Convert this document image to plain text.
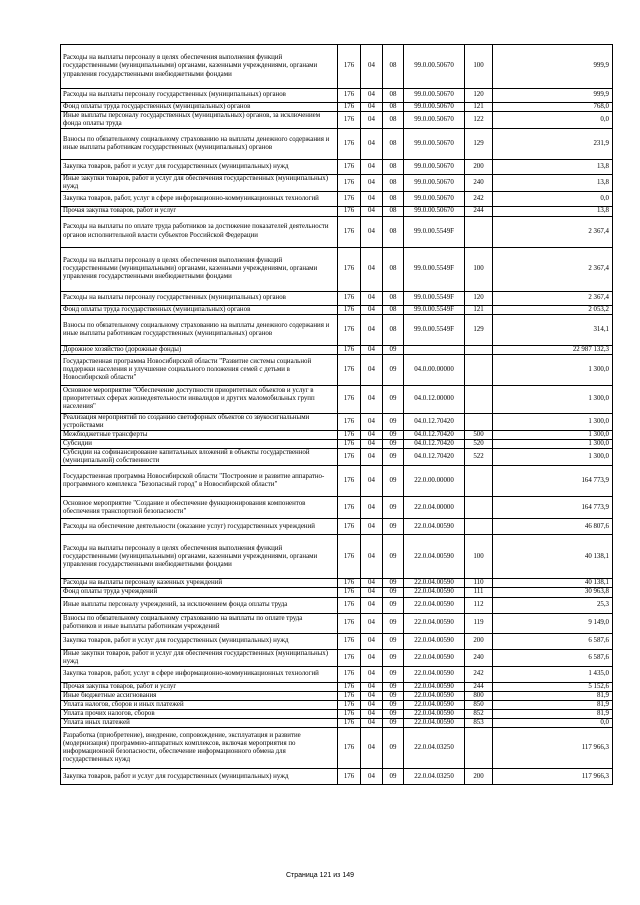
Расходы на выплаты персоналу в целях обеспечения выполнения функций государственными (муниципальными) органами, казенными учреждениями, органами управления государственными внебюджетными фондами	176	04	08	99.0.00.50670	100	999,9
Расходы на выплаты персоналу государственных (муниципальных) органов	176	04	08	99.0.00.50670	120	999,9
Фонд оплаты труда государственных (муниципальных) органов	176	04	08	99.0.00.50670	121	768,0
Иные выплаты персоналу государственных (муниципальных) органов, за исключением фонда оплаты труда	176	04	08	99.0.00.50670	122	0,0
Взносы по обязательному социальному страхованию на выплаты денежного содержания и иные выплаты работникам государственных (муниципальных) органов	176	04	08	99.0.00.50670	129	231,9
Закупка товаров, работ и услуг для государственных (муниципальных) нужд	176	04	08	99.0.00.50670	200	13,8
Иные закупки товаров, работ и услуг для обеспечения государственных (муниципальных) нужд	176	04	08	99.0.00.50670	240	13,8
Закупка товаров, работ, услуг в сфере информационно-коммуникационных технологий	176	04	08	99.0.00.50670	242	0,0
Прочая закупка товаров, работ и услуг	176	04	08	99.0.00.50670	244	13,8
Расходы на выплаты по оплате труда работников за достижение показателей деятельности органов исполнительной власти субъектов Российской Федерации	176	04	08	99.0.00.5549F		2 367,4
Расходы на выплаты персоналу в целях обеспечения выполнения функций государственными (муниципальными) органами, казенными учреждениями, органами управления государственными внебюджетными фондами	176	04	08	99.0.00.5549F	100	2 367,4
Расходы на выплаты персоналу государственных (муниципальных) органов	176	04	08	99.0.00.5549F	120	2 367,4
Фонд оплаты труда государственных (муниципальных) органов	176	04	08	99.0.00.5549F	121	2 053,2
Взносы по обязательному социальному страхованию на выплаты денежного содержания и иные выплаты работникам государственных (муниципальных) органов	176	04	08	99.0.00.5549F	129	314,1
Дорожное хозяйство (дорожные фонды)	176	04	09			22 987 132,3
Государственная программа Новосибирской области "Развитие системы социальной поддержки населения и улучшение социального положения семей с детьми в Новосибирской области"	176	04	09	04.0.00.00000		1 300,0
Основное мероприятие "Обеспечение доступности приоритетных объектов и услуг в приоритетных сферах жизнедеятельности инвалидов и других маломобильных групп населения"	176	04	09	04.0.12.00000		1 300,0
Реализация мероприятий по созданию светофорных объектов со звукосигнальными устройствами	176	04	09	04.0.12.70420		1 300,0
Межбюджетные трансферты	176	04	09	04.0.12.70420	500	1 300,0
Субсидии	176	04	09	04.0.12.70420	520	1 300,0
Субсидии на софинансирование капитальных вложений в объекты государственной (муниципальной) собственности	176	04	09	04.0.12.70420	522	1 300,0
Государственная программа Новосибирской области "Построение и развитие аппаратно-программного комплекса "Безопасный город" в Новосибирской области"	176	04	09	22.0.00.00000		164 773,9
Основное мероприятие "Создание и обеспечение функционирования компонентов обеспечения транспортной безопасности"	176	04	09	22.0.04.00000		164 773,9
Расходы на обеспечение деятельности (оказание услуг) государственных учреждений	176	04	09	22.0.04.00590		46 807,6
Расходы на выплаты персоналу в целях обеспечения выполнения функций государственными (муниципальными) органами, казенными учреждениями, органами управления государственными внебюджетными фондами	176	04	09	22.0.04.00590	100	40 138,1
Расходы на выплаты персоналу казенных учреждений	176	04	09	22.0.04.00590	110	40 138,1
Фонд оплаты труда учреждений	176	04	09	22.0.04.00590	111	30 963,8
Иные выплаты персоналу учреждений, за исключением фонда оплаты труда	176	04	09	22.0.04.00590	112	25,3
Взносы по обязательному социальному страхованию на выплаты по оплате труда работников и иные выплаты работникам учреждений	176	04	09	22.0.04.00590	119	9 149,0
Закупка товаров, работ и услуг для государственных (муниципальных) нужд	176	04	09	22.0.04.00590	200	6 587,6
Иные закупки товаров, работ и услуг для обеспечения государственных (муниципальных) нужд	176	04	09	22.0.04.00590	240	6 587,6
Закупка товаров, работ, услуг в сфере информационно-коммуникационных технологий	176	04	09	22.0.04.00590	242	1 435,0
Прочая закупка товаров, работ и услуг	176	04	09	22.0.04.00590	244	5 152,6
Иные бюджетные ассигнования	176	04	09	22.0.04.00590	800	81,9
Уплата налогов, сборов и иных платежей	176	04	09	22.0.04.00590	850	81,9
Уплата прочих налогов, сборов	176	04	09	22.0.04.00590	852	81,9
Уплата иных платежей	176	04	09	22.0.04.00590	853	0,0
Разработка (приобретение), внедрение, сопровождение, эксплуатация и развитие (модернизация) программно-аппаратных комплексов, включая мероприятия по информационной безопасности, обеспечение информационного обмена для государственных нужд	176	04	09	22.0.04.03250		117 966,3
Закупка товаров, работ и услуг для государственных (муниципальных) нужд	176	04	09	22.0.04.03250	200	117 966,3
Страница 121 из 149
